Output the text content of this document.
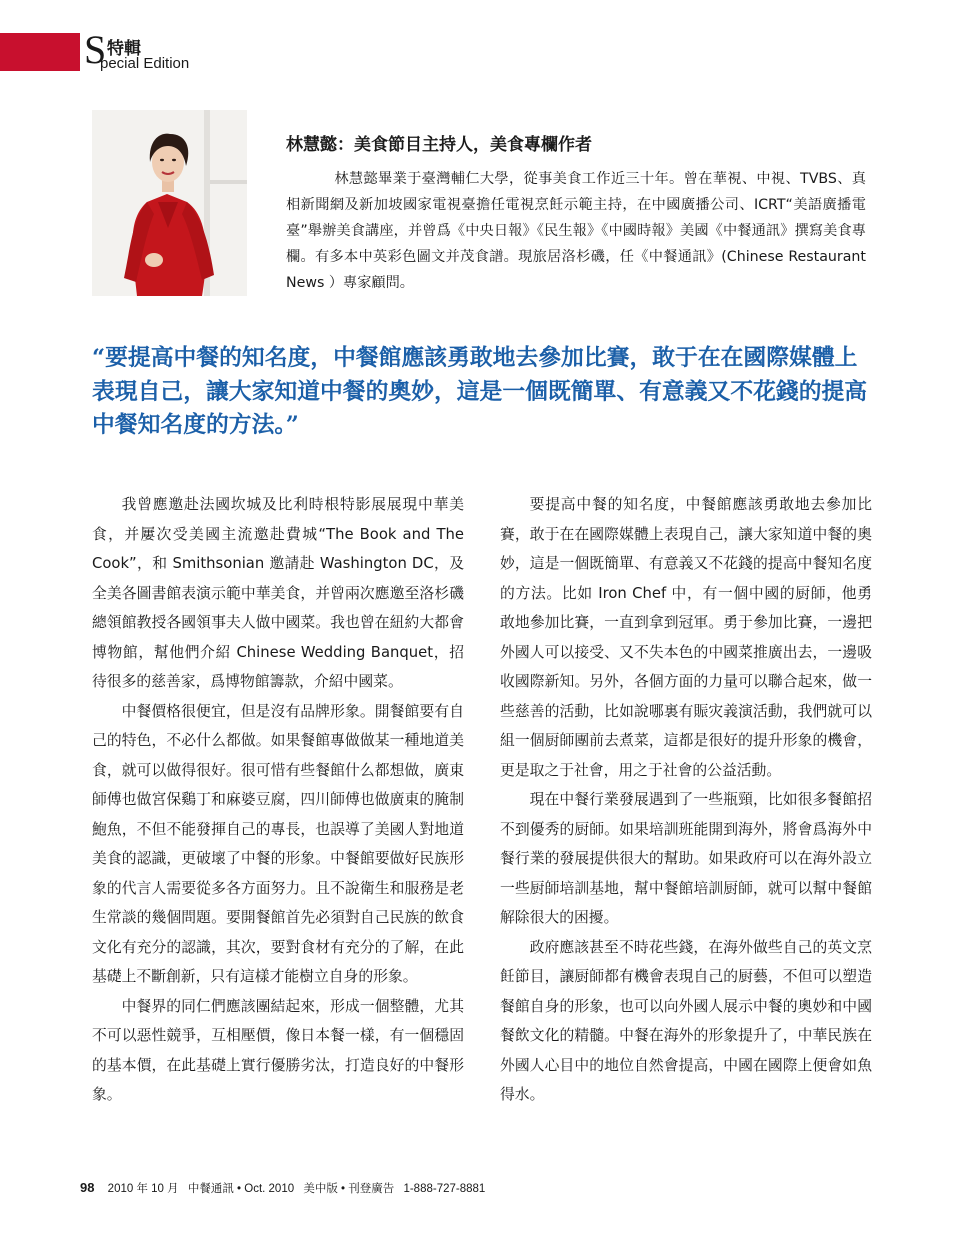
S 特輯
pecial Edition
林慧懿：美食節目主持人，美食專欄作者

林慧懿畢業于臺灣輔仁大學，從事美食工作近三十年。曾在華視、中視、TVBS、真相新聞網及新加坡國家電視臺擔任電視烹飪示範主持，在中國廣播公司、ICRT“美語廣播電臺”舉辦美食講座，并曾爲《中央日報》《民生報》《中國時報》美國《中餐通訊》撰寫美食專欄。有多本中英彩色圖文并茂食譜。現旅居洛杉磯，任《中餐通訊》(Chinese Restaurant News ）專家顧問。

“要提高中餐的知名度，中餐館應該勇敢地去參加比賽，敢于在在國際媒體上表現自己，讓大家知道中餐的奧妙，這是一個既簡單、有意義又不花錢的提高中餐知名度的方法。”

我曾應邀赴法國坎城及比利時根特影展展現中華美食，并屢次受美國主流邀赴費城“The Book and The Cook”，和 Smithsonian 邀請赴 Washington DC，及全美各圖書館表演示範中華美食，并曾兩次應邀至洛杉磯總領館教授各國領事夫人做中國菜。我也曾在紐約大都會博物館，幫他們介紹 Chinese Wedding Banquet，招待很多的慈善家，爲博物館籌款，介紹中國菜。

中餐價格很便宜，但是沒有品牌形象。開餐館要有自己的特色，不必什么都做。如果餐館專做做某一種地道美食，就可以做得很好。很可惜有些餐館什么都想做，廣東師傅也做宮保鷄丁和麻婆豆腐，四川師傅也做廣東的腌制鮑魚，不但不能發揮自己的專長，也誤導了美國人對地道美食的認識，更破壞了中餐的形象。中餐館要做好民族形象的代言人需要從多各方面努力。且不說衛生和服務是老生常談的幾個問題。要開餐館首先必須對自己民族的飲食文化有充分的認識，其次，要對食材有充分的了解，在此基礎上不斷創新，只有這樣才能樹立自身的形象。

中餐界的同仁們應該團結起來，形成一個整體，尤其不可以惡性競爭，互相壓價，像日本餐一樣，有一個穩固的基本價，在此基礎上實行優勝劣汰，打造良好的中餐形象。

要提高中餐的知名度，中餐館應該勇敢地去參加比賽，敢于在在國際媒體上表現自己，讓大家知道中餐的奧妙，這是一個既簡單、有意義又不花錢的提高中餐知名度的方法。比如 Iron Chef 中，有一個中國的厨師，他勇敢地參加比賽，一直到拿到冠軍。勇于參加比賽，一邊把外國人可以接受、又不失本色的中國菜推廣出去，一邊吸收國際新知。另外，各個方面的力量可以聯合起來，做一些慈善的活動，比如說哪裏有賑灾義演活動，我們就可以組一個厨師團前去煮菜，這都是很好的提升形象的機會，更是取之于社會，用之于社會的公益活動。

現在中餐行業發展遇到了一些瓶頸，比如很多餐館招不到優秀的厨師。如果培訓班能開到海外，將會爲海外中餐行業的發展提供很大的幫助。如果政府可以在海外設立一些厨師培訓基地，幫中餐館培訓厨師，就可以幫中餐館解除很大的困擾。

政府應該甚至不時花些錢，在海外做些自己的英文烹飪節目，讓厨師都有機會表現自己的厨藝，不但可以塑造餐館自身的形象，也可以向外國人展示中餐的奧妙和中國餐飲文化的精髓。中餐在海外的形象提升了，中華民族在外國人心目中的地位自然會提高，中國在國際上便會如魚得水。

98 2010 年 10 月 中餐通訊 • Oct. 2010 美中版 • 刊登廣告 1-888-727-8881
